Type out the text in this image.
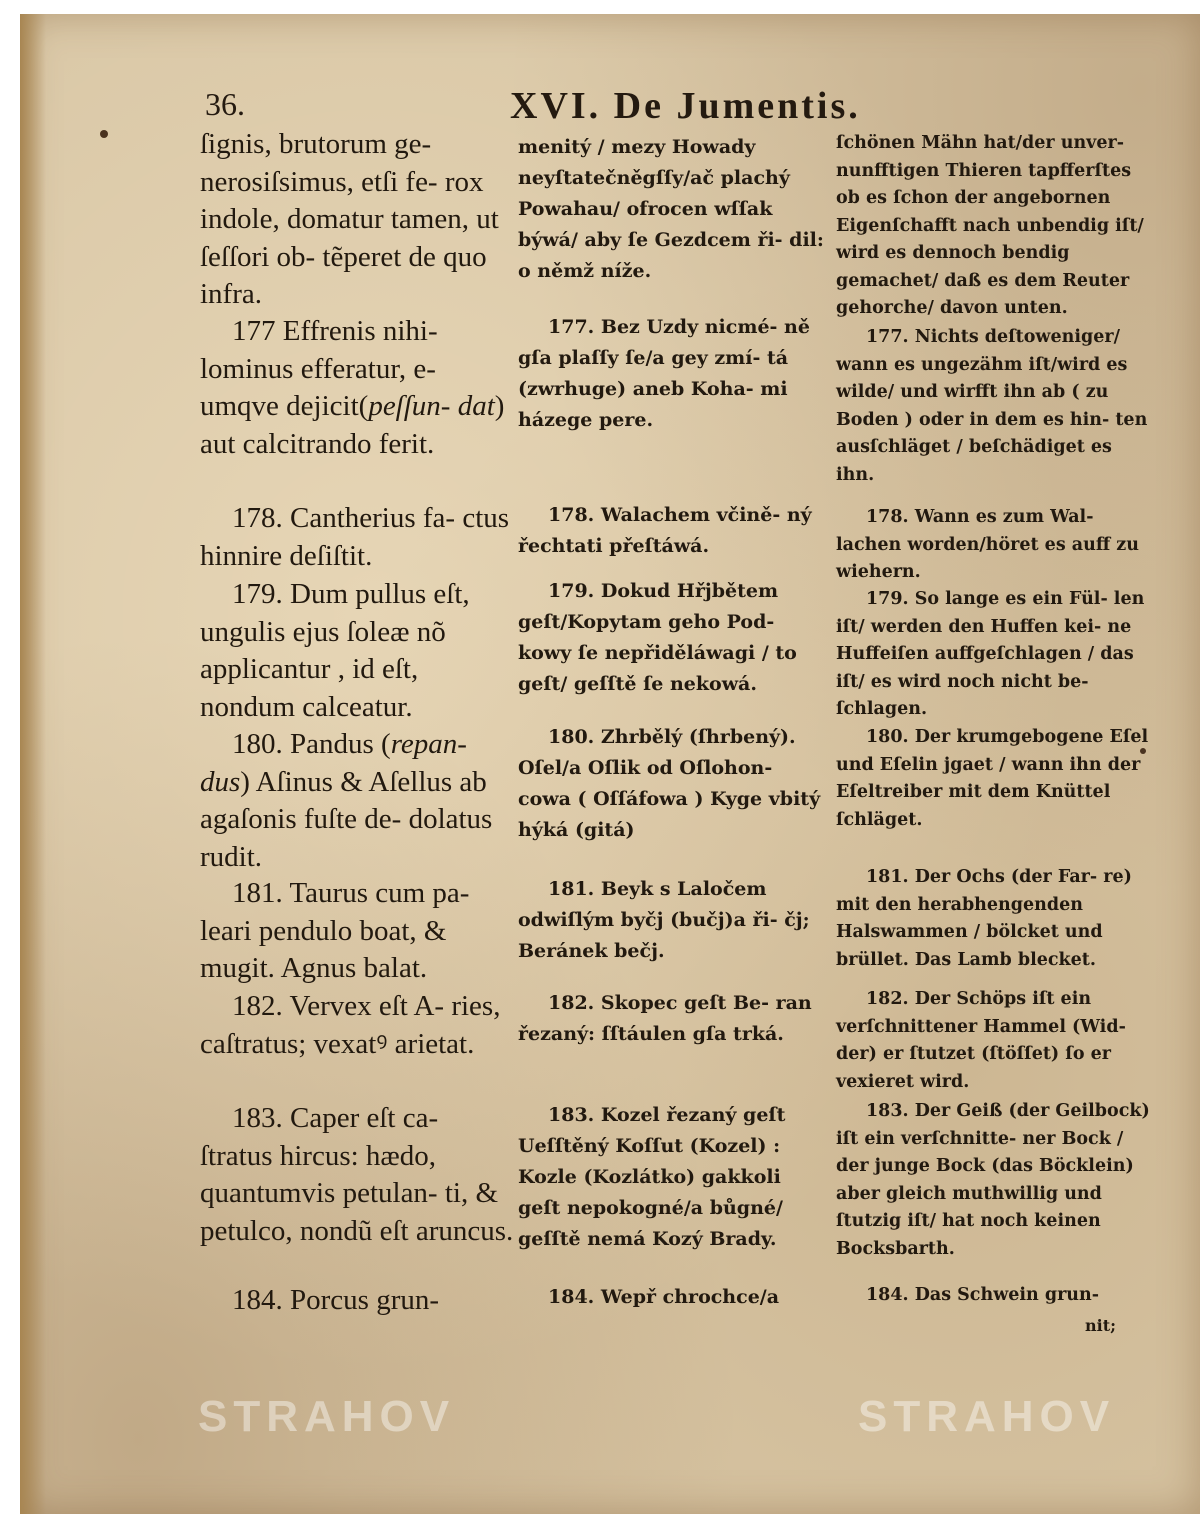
36.	XVI. De Jumentis.

ſignis, brutorum ge- nerosiſsimus, etſi fe- rox indole, domatur tamen, ut ſeſſori ob- tẽperet de quo infra.

177 Effrenis nihi- lominus efferatur, e- umqve dejicit(peſſun- dat) aut calcitrando ferit.

178. Cantherius fa- ctus hinnire deſiſtit.

179. Dum pullus eſt, ungulis ejus ſoleæ nõ applicantur , id eſt, nondum calceatur.

180. Pandus (repan- dus) Aſinus & Aſellus ab agaſonis fuſte de- dolatus rudit.

181. Taurus cum pa- leari pendulo boat, & mugit. Agnus balat.

182. Vervex eſt A- ries, caſtratus; vexatꝰ arietat.

183. Caper eſt ca- ſtratus hircus: hædo, quantumvis petulan- ti, & petulco, nondũ eſt aruncus.

184. Porcus grun-

menitý / mezy Howady neyſtatečněgſſy/ač plachý Powahau/ ofrocen wſſak býwá/ aby ſe Gezdcem ři- dil: o němž níže.

177. Bez Uzdy nicmé- ně gſa plaſſy ſe/a gey zmí- tá (zwrhuge) aneb Koha- mi házege pere.

178. Walachem včině- ný řechtati přeſtáwá.

179. Dokud Hřjbětem geſt/Kopytam geho Pod- kowy ſe nepřiděláwagi / to geſt/ geſſtě ſe nekowá.

180. Zhrbělý (ſhrbený). Oſel/a Oſlik od Oſlohon- cowa ( Oſſáfowa ) Kyge vbitý hýká (gitá)

181. Beyk s Laločem odwiſlým byčj (bučj)a ři- čj; Beránek bečj.

182. Skopec geſt Be- ran řezaný: ſſtáulen gſa trká.

183. Kozel řezaný geſt Ueſſtěný Koſſut (Kozel) : Kozle (Kozlátko) gakkoli geſt nepokogné/a bůgné/ geſſtě nemá Kozý Brady.

184. Wepř chrochce/a

ſchönen Mähn hat/der unver- nunfftigen Thieren tapfferſtes ob es ſchon der angebornen Eigenſchafft nach unbendig iſt/ wird es dennoch bendig gemachet/ daß es dem Reuter gehorche/ davon unten.

177. Nichts deſtoweniger/ wann es ungezähm iſt/wird es wilde/ und wirfft ihn ab ( zu Boden ) oder in dem es hin- ten ausſchläget / beſchädiget es ihn.

178. Wann es zum Wal- lachen worden/höret es auff zu wiehern.

179. So lange es ein Fül- len iſt/ werden den Huffen kei- ne Huffeiſen auffgeſchlagen / das iſt/ es wird noch nicht be- ſchlagen.

180. Der krumgebogene Eſel und Eſelin jgaet / wann ihn der Eſeltreiber mit dem Knüttel ſchläget.

181. Der Ochs (der Far- re) mit den herabhengenden Halswammen / bölcket und brüllet. Das Lamb blecket.

182. Der Schöps iſt ein verſchnittener Hammel (Wid- der) er ſtutzet (ſtöſſet) ſo er vexieret wird.

183. Der Geiß (der Geilbock) iſt ein verſchnitte- ner Bock / der junge Bock (das Böcklein) aber gleich muthwillig und ſtutzig iſt/ hat noch keinen Bocksbarth.

184. Das Schwein grun-

nit;
STRAHOV	STRAHOV
